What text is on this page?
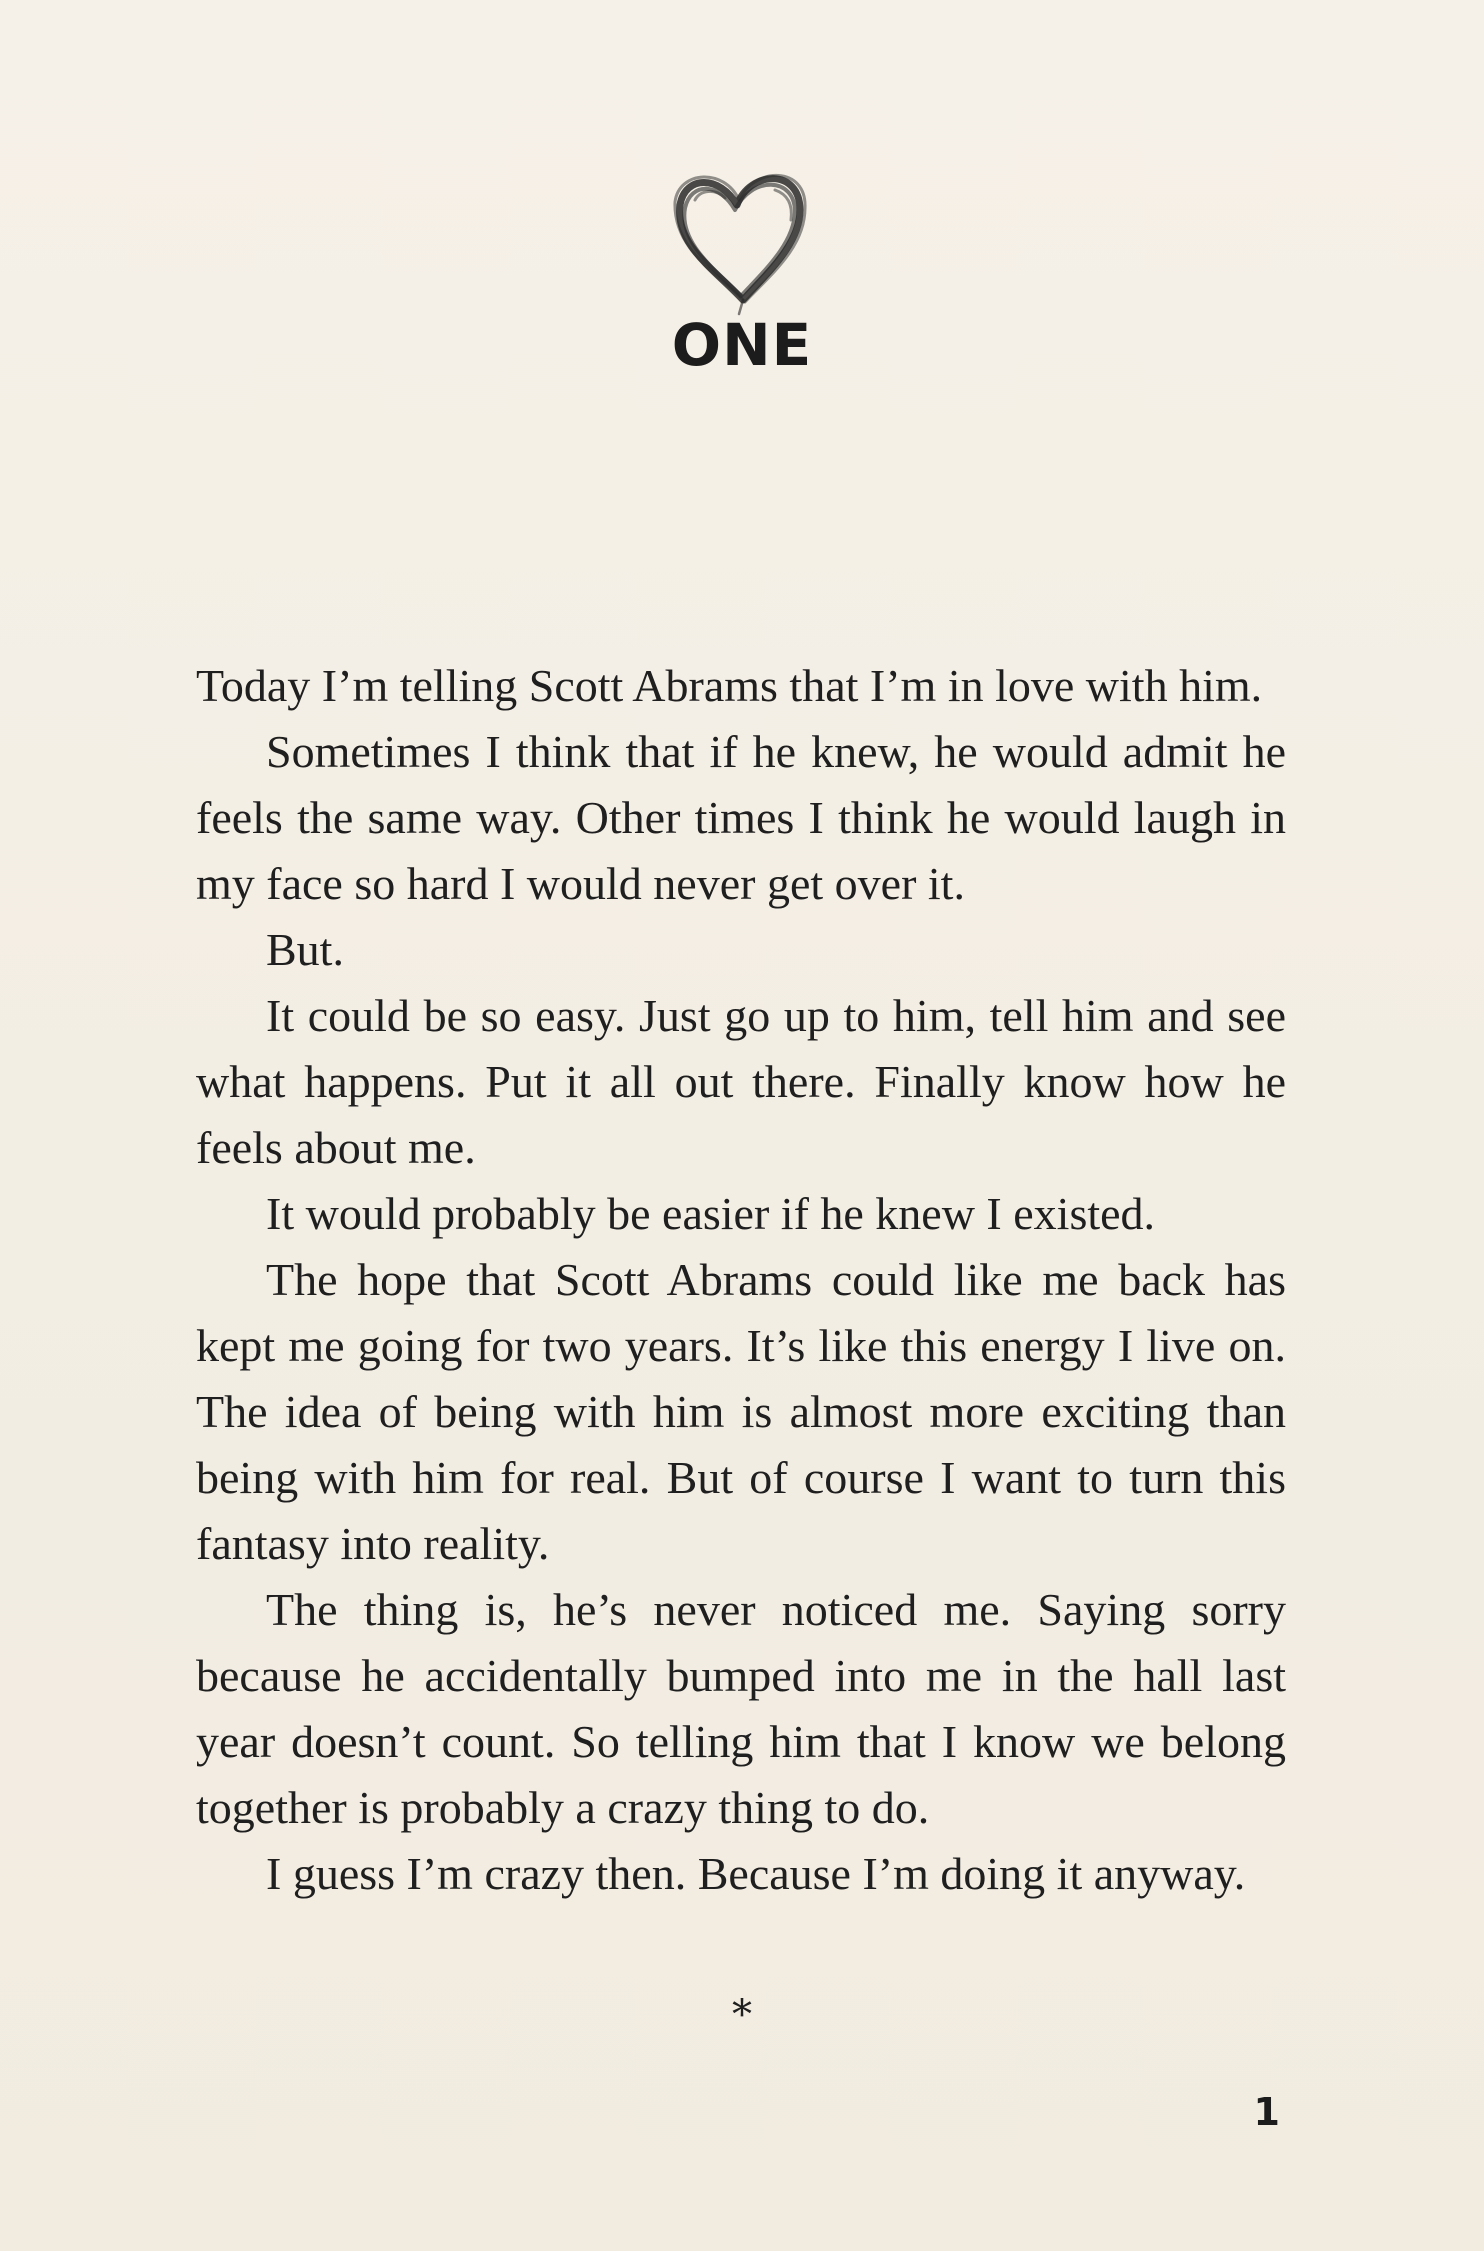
ONE

Today I’m telling Scott Abrams that I’m in love with him.

Sometimes I think that if he knew, he would admit he feels the same way. Other times I think he would laugh in my face so hard I would never get over it.

But.

It could be so easy. Just go up to him, tell him and see what happens. Put it all out there. Finally know how he feels about me.

It would probably be easier if he knew I existed.

The hope that Scott Abrams could like me back has kept me going for two years. It’s like this energy I live on. The idea of being with him is almost more exciting than being with him for real. But of course I want to turn this fantasy into reality.

The thing is, he’s never noticed me. Saying sorry because he accidentally bumped into me in the hall last year doesn’t count. So telling him that I know we belong together is probably a crazy thing to do.

I guess I’m crazy then. Because I’m doing it anyway.

*
1
